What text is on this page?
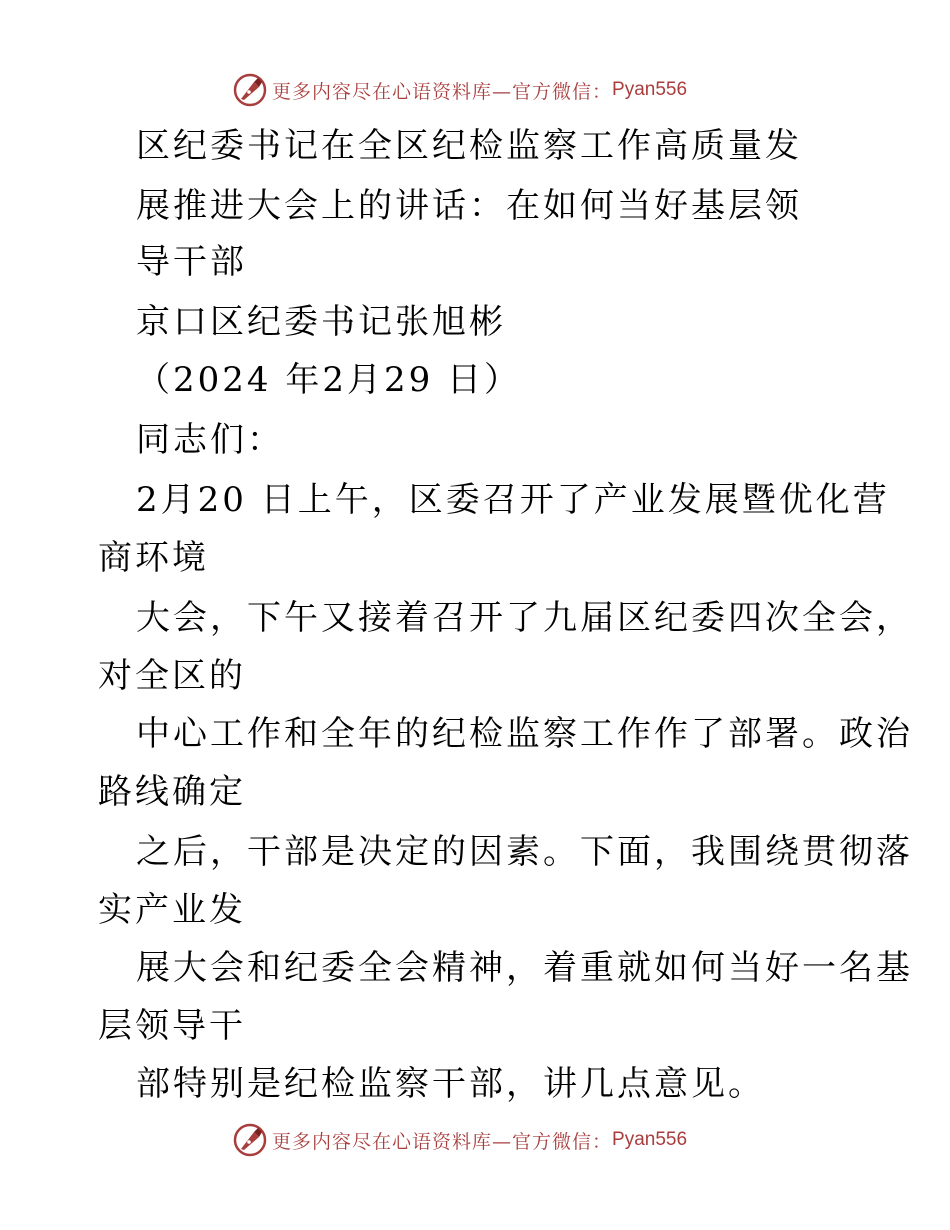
更多内容尽在心语资料库—官方微信： Pyan556
区纪委书记在全区纪检监察工作高质量发
展推进大会上的讲话：在如何当好基层领
导干部
京口区纪委书记张旭彬
（2024 年2月29 日）
同志们：
2月20 日上午，区委召开了产业发展暨优化营
商环境
大会，下午又接着召开了九届区纪委四次全会，
对全区的
中心工作和全年的纪检监察工作作了部署。政治
路线确定
之后，干部是决定的因素。下面，我围绕贯彻落
实产业发
展大会和纪委全会精神，着重就如何当好一名基
层领导干
部特别是纪检监察干部，讲几点意见。
更多内容尽在心语资料库—官方微信： Pyan556
